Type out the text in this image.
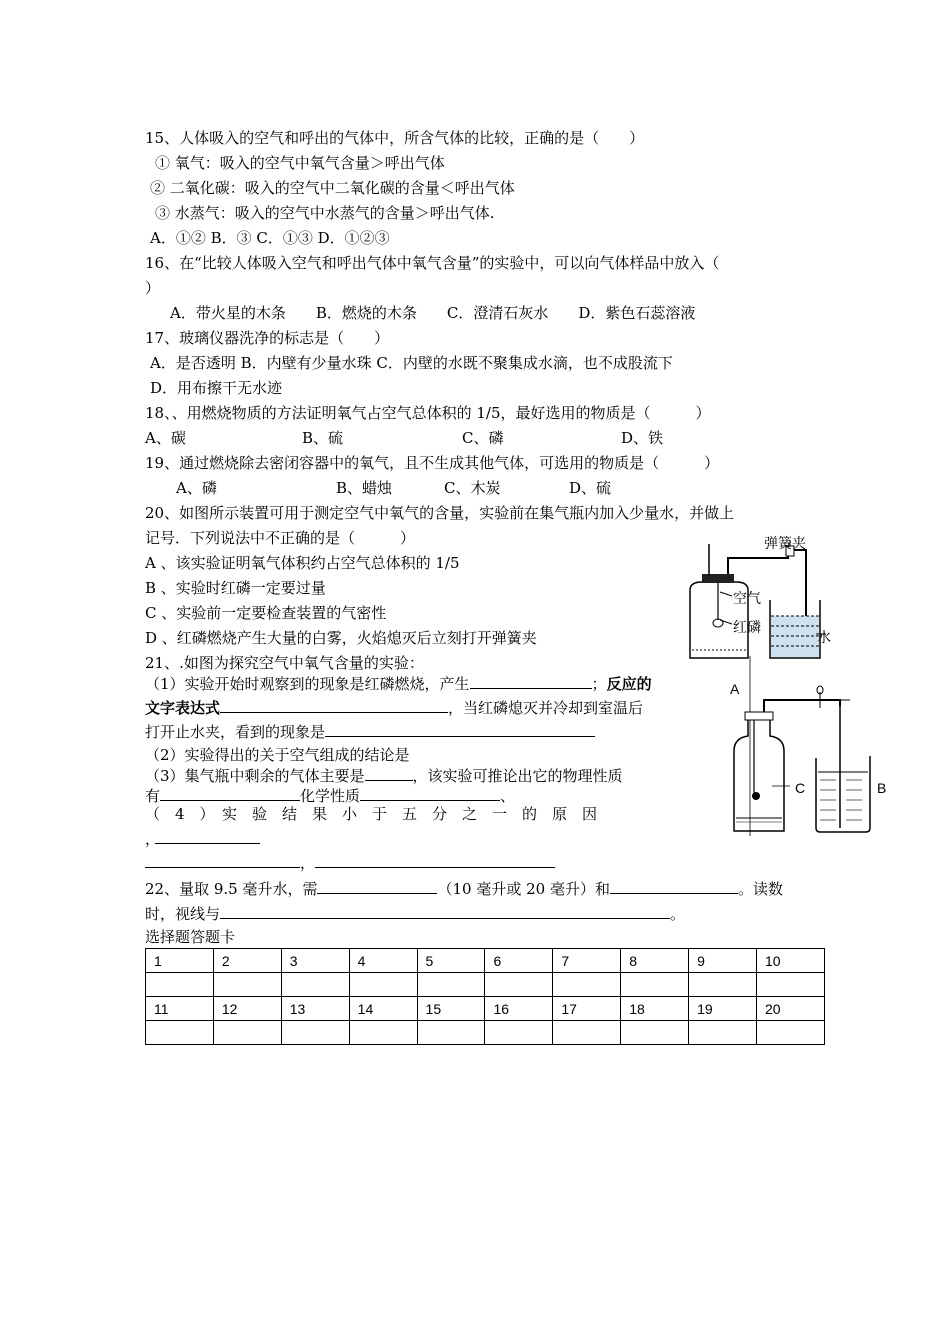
15、人体吸入的空气和呼出的气体中，所含气体的比较，正确的是（　　）
① 氧气：吸入的空气中氧气含量＞呼出气体
② 二氧化碳：吸入的空气中二氧化碳的含量＜呼出气体
③ 水蒸气：吸入的空气中水蒸气的含量＞呼出气体.
A．①② B．③ C．①③ D．①②③
16、在“比较人体吸入空气和呼出气体中氧气含量”的实验中，可以向气体样品中放入（
）
A．带火星的木条　　B．燃烧的木条　　C．澄清石灰水　　D．紫色石蕊溶液
17、玻璃仪器洗净的标志是（　　）
A．是否透明 B．内壁有少量水珠 C．内壁的水既不聚集成水滴，也不成股流下
D．用布擦干无水迹
18、、用燃烧物质的方法证明氧气占空气总体积的 1/5，最好选用的物质是（　　　）
A、碳	B、硫	C、磷	D、铁
19、通过燃烧除去密闭容器中的氧气，且不生成其他气体，可选用的物质是（　　　）
A、磷	B、蜡烛	C、木炭	D、硫
20、如图所示装置可用于测定空气中氧气的含量，实验前在集气瓶内加入少量水，并做上
记号．下列说法中不正确的是（　　　）
A 、该实验证明氧气体积约占空气总体积的 1/5
B 、实验时红磷一定要过量
C 、实验前一定要检查装置的气密性
D 、红磷燃烧产生大量的白雾，火焰熄灭后立刻打开弹簧夹
弹簧夹
空气
红磷
水
21、.如图为探究空气中氧气含量的实验：
（1）实验开始时观察到的现象是红磷燃烧，产生	；反应的
文字表达式	，当红磷熄灭并冷却到室温后
打开止水夹，看到的现象是
（2）实验得出的关于空气组成的结论是
（3）集气瓶中剩余的气体主要是	，该实验可推论出它的物理性质
有	化学性质	、
（　4　）　实　验　结　果　小　于　五　分　之　一　的　原　因
，
，
A
C	B
22、量取 9.5 毫升水，需	（10 毫升或 20 毫升）和	。读数
时，视线与	。
选择题答题卡
1	2	3	4	5	6	7	8	9	10

11	12	13	14	15	16	17	18	19	20
